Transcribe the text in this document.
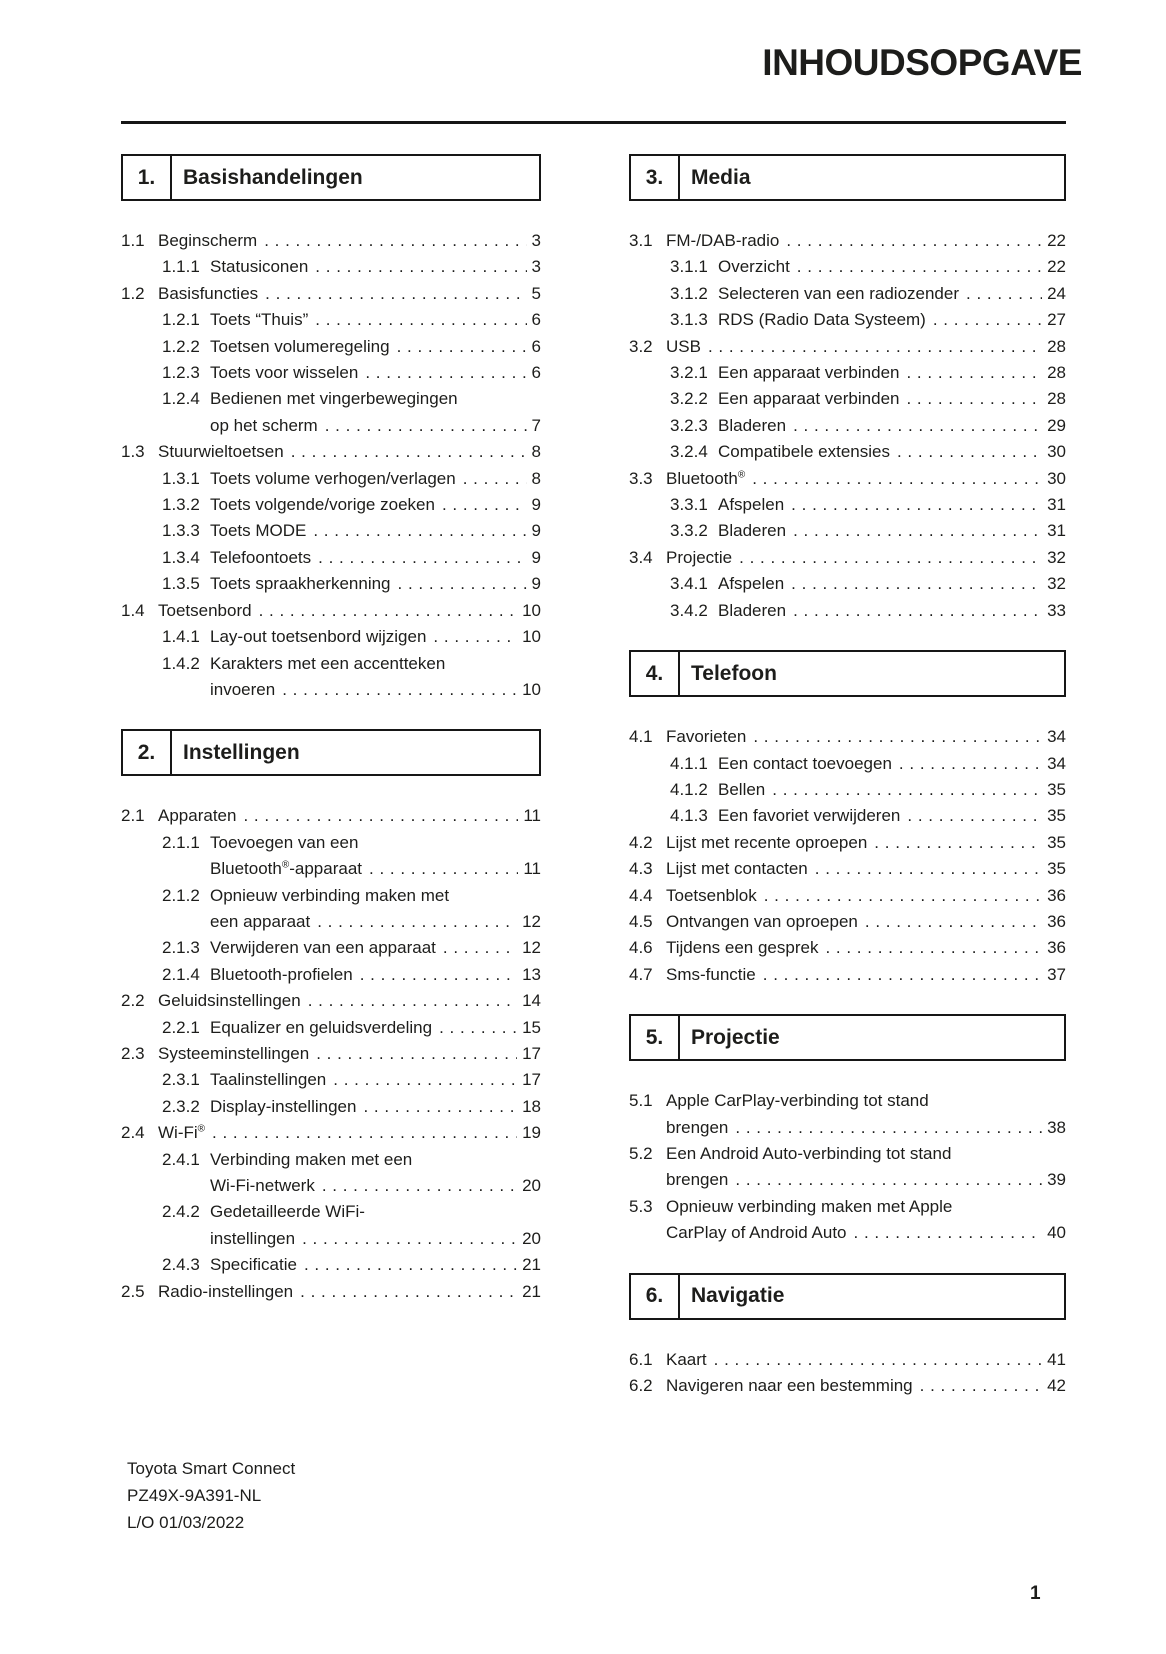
INHOUDSOPGAVE
1.	Basishandelingen
1.1 Beginscherm . . .	3
1.1.1 Statusiconen . . .	3
1.2 Basisfuncties . . .	5
1.2.1 Toets “Thuis” . . .	6
1.2.2 Toetsen volumeregeling . . .	6
1.2.3 Toets voor wisselen . . .	6
1.2.4 Bedienen met vingerbewegingen
op het scherm . . .	7
1.3 Stuurwieltoetsen . . .	8
1.3.1 Toets volume verhogen/verlagen . . .	8
1.3.2 Toets volgende/vorige zoeken . . .	9
1.3.3 Toets MODE . . .	9
1.3.4 Telefoontoets . . .	9
1.3.5 Toets spraakherkenning . . .	9
1.4 Toetsenbord . . .	10
1.4.1 Lay-out toetsenbord wijzigen . . .	10
1.4.2 Karakters met een accentteken
invoeren . . .	10
2.	Instellingen
2.1 Apparaten . . .	11
2.1.1 Toevoegen van een
Bluetooth®-apparaat . . .	11
2.1.2 Opnieuw verbinding maken met
een apparaat . . .	12
2.1.3 Verwijderen van een apparaat . . .	12
2.1.4 Bluetooth-profielen . . .	13
2.2 Geluidsinstellingen . . .	14
2.2.1 Equalizer en geluidsverdeling . . .	15
2.3 Systeeminstellingen . . .	17
2.3.1 Taalinstellingen . . .	17
2.3.2 Display-instellingen . . .	18
2.4 Wi-Fi® . . .	19
2.4.1 Verbinding maken met een
Wi-Fi-netwerk . . .	20
2.4.2 Gedetailleerde WiFi-
instellingen . . .	20
2.4.3 Specificatie . . .	21
2.5 Radio-instellingen . . .	21
3.	Media
3.1 FM-/DAB-radio . . .	22
3.1.1 Overzicht . . .	22
3.1.2 Selecteren van een radiozender . . .	24
3.1.3 RDS (Radio Data Systeem) . . .	27
3.2 USB . . .	28
3.2.1 Een apparaat verbinden . . .	28
3.2.2 Een apparaat verbinden . . .	28
3.2.3 Bladeren . . .	29
3.2.4 Compatibele extensies . . .	30
3.3 Bluetooth® . . .	30
3.3.1 Afspelen . . .	31
3.3.2 Bladeren . . .	31
3.4 Projectie . . .	32
3.4.1 Afspelen . . .	32
3.4.2 Bladeren . . .	33
4.	Telefoon
4.1 Favorieten . . .	34
4.1.1 Een contact toevoegen . . .	34
4.1.2 Bellen . . .	35
4.1.3 Een favoriet verwijderen . . .	35
4.2 Lijst met recente oproepen . . .	35
4.3 Lijst met contacten . . .	35
4.4 Toetsenblok . . .	36
4.5 Ontvangen van oproepen . . .	36
4.6 Tijdens een gesprek . . .	36
4.7 Sms-functie . . .	37
5.	Projectie
5.1 Apple CarPlay-verbinding tot stand
brengen . . .	38
5.2 Een Android Auto-verbinding tot stand
brengen . . .	39
5.3 Opnieuw verbinding maken met Apple
CarPlay of Android Auto . . .	40
6.	Navigatie
6.1 Kaart . . .	41
6.2 Navigeren naar een bestemming . . .	42
Toyota Smart Connect
PZ49X-9A391-NL
L/O 01/03/2022
1
